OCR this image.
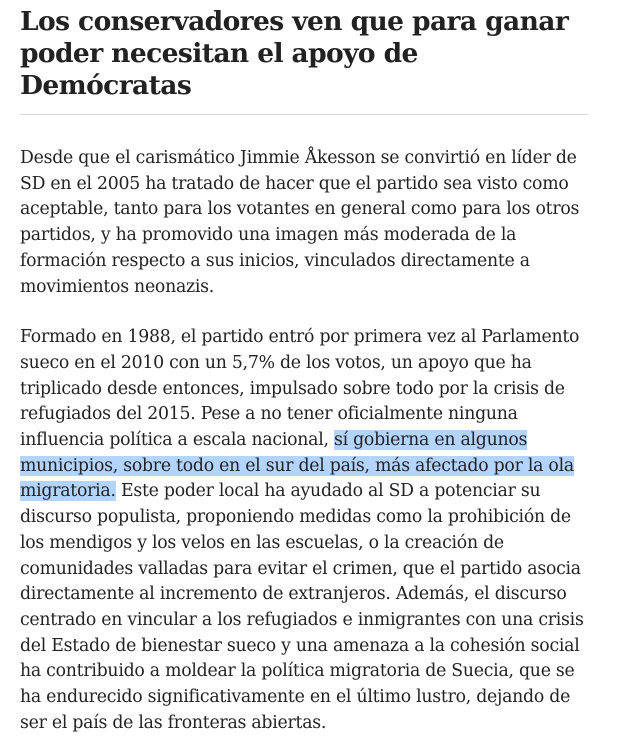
Los conservadores ven que para ganar poder necesitan el apoyo de Demócratas

Desde que el carismático Jimmie Åkesson se convirtió en líder de SD en el 2005 ha tratado de hacer que el partido sea visto como aceptable, tanto para los votantes en general como para los otros partidos, y ha promovido una imagen más moderada de la formación respecto a sus inicios, vinculados directamente a movimientos neonazis.

Formado en 1988, el partido entró por primera vez al Parlamento sueco en el 2010 con un 5,7% de los votos, un apoyo que ha triplicado desde entonces, impulsado sobre todo por la crisis de refugiados del 2015. Pese a no tener oficialmente ninguna influencia política a escala nacional, sí gobierna en algunos municipios, sobre todo en el sur del país, más afectado por la ola migratoria. Este poder local ha ayudado al SD a potenciar su discurso populista, proponiendo medidas como la prohibición de los mendigos y los velos en las escuelas, o la creación de comunidades valladas para evitar el crimen, que el partido asocia directamente al incremento de extranjeros. Además, el discurso centrado en vincular a los refugiados e inmigrantes con una crisis del Estado de bienestar sueco y una amenaza a la cohesión social ha contribuido a moldear la política migratoria de Suecia, que se ha endurecido significativamente en el último lustro, dejando de ser el país de las fronteras abiertas.
